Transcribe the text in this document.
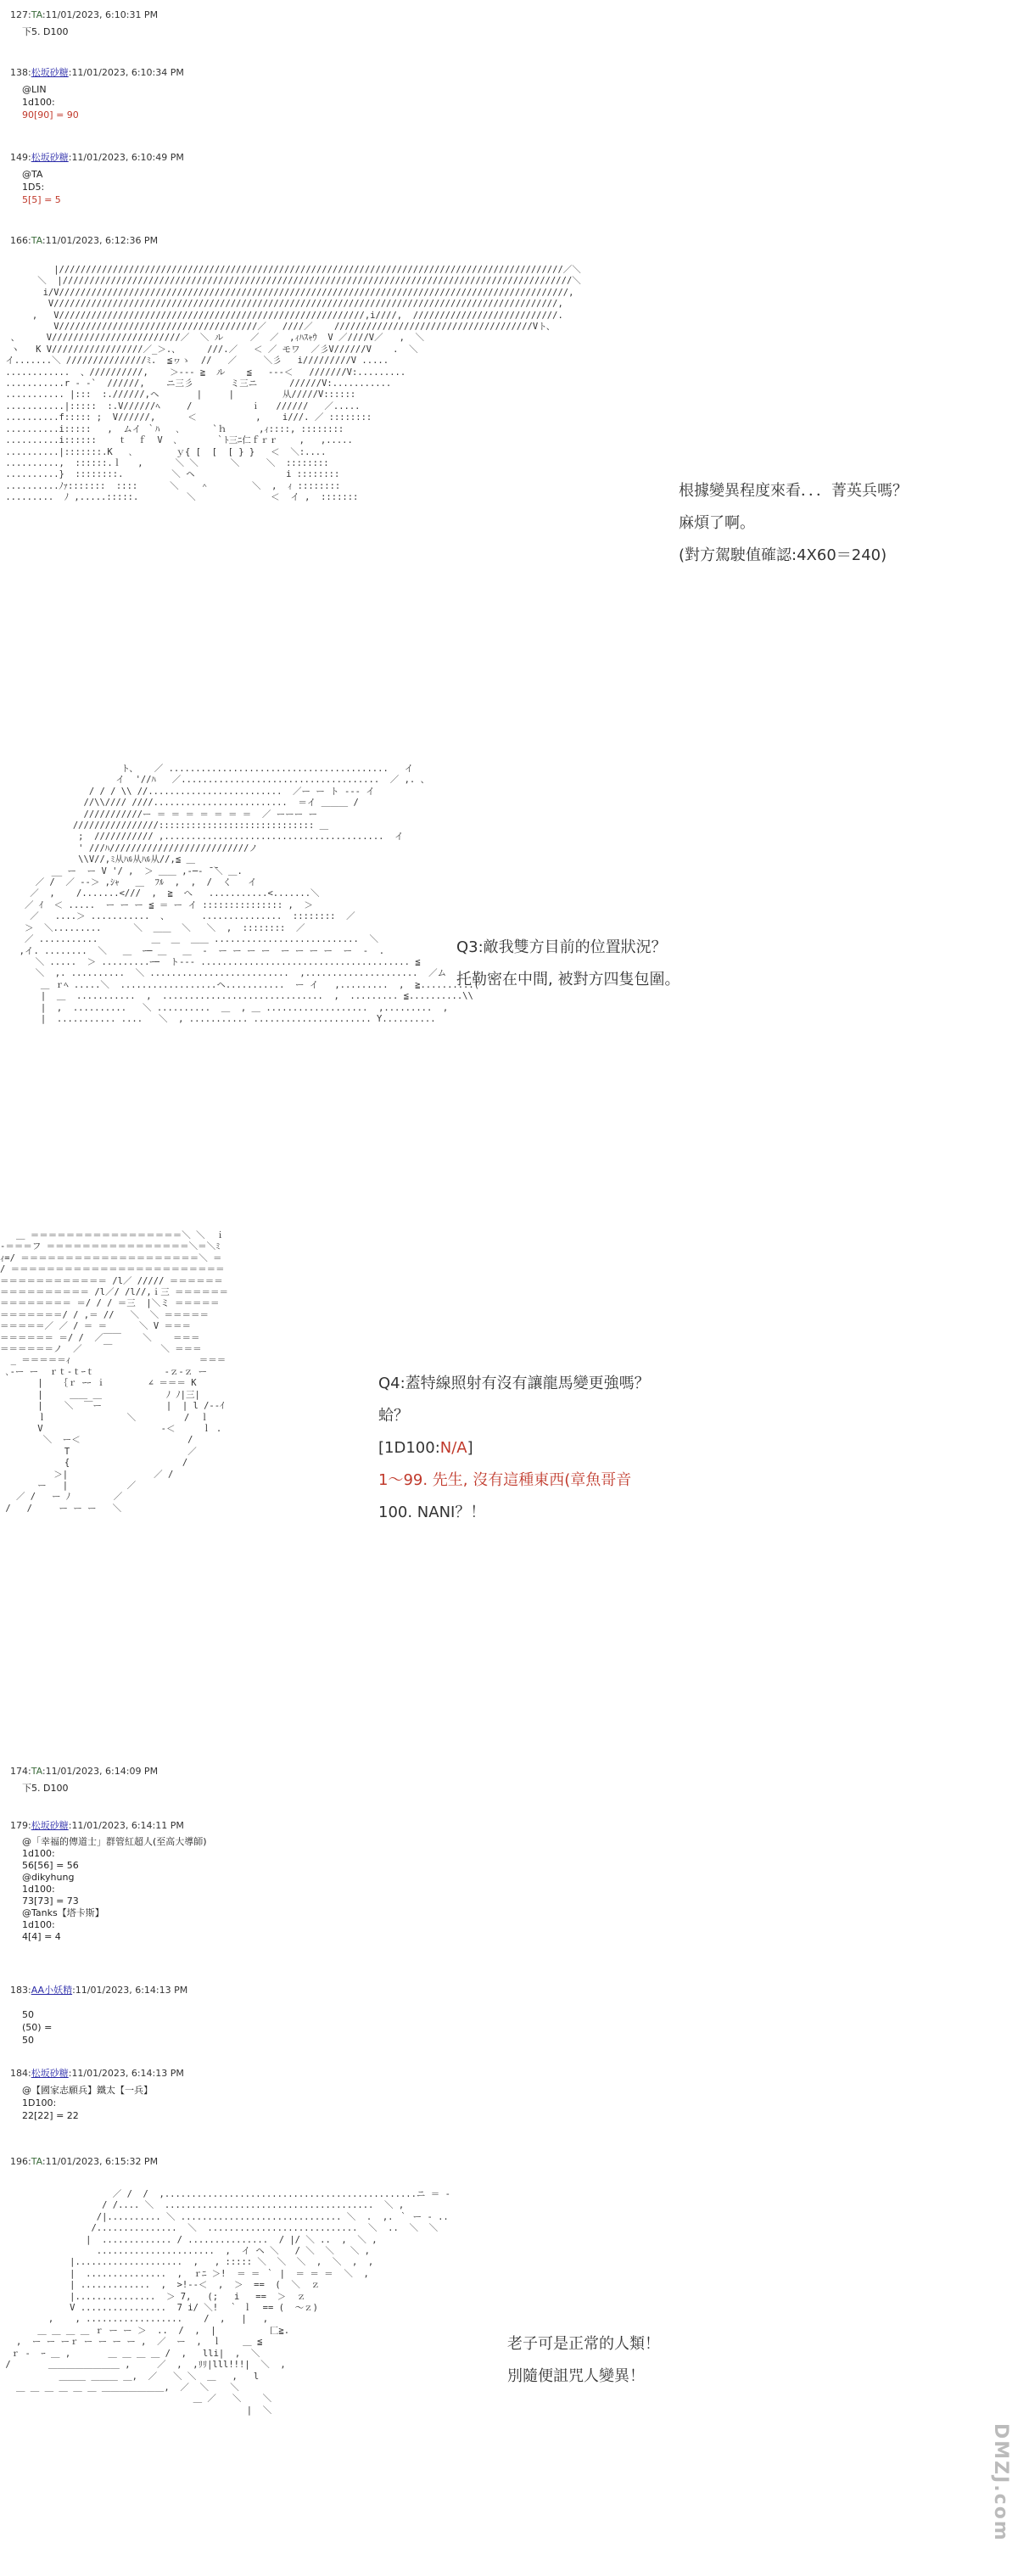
127:TA:11/01/2023, 6:10:31 PM
下5. D100
138:松坂砂糖:11/01/2023, 6:10:34 PM
@LIN
1d100:
90[90] = 90
149:松坂砂糖:11/01/2023, 6:10:49 PM
@TA
1D5:
5[5] = 5
166:TA:11/01/2023, 6:12:36 PM
|//////////////////////////////////////////////////////////////////////////////////////////////／＼
＼  |///////////////////////////////////////////////////////////////////////////////////////////////＼
i/V///////////////////////////////////////////////////////////////////////////////////////////////,
V//////////////////////////////////////////////////////////////////////////////////////////////,
,   V/////////////////////////////////////////////////////////,i////,  ///////////////////////////.
V/////////////////////////////////////／   ////／    /////////////////////////////////////Vト、
、     V////////////////////////／  ＼ ル     ／  ／  ,ｨﾊｽｬｳ  V ／////V／   ,  ＼
ヽ   K V/////////////////／_＞.、     ///.／   ＜ ／ モワ  ／彡V//////V    .  ＼
イ.......＼ ///////////////ﾐ.  ≦ヮゝ  //   ／     ＼彡   i/////////V .....
............  、//////////,    ＞--- ≧  ル    ≦   ---＜   ///////V:.........
...........r - -`  //////,    ニ三彡       ミ三ニ      //////V:...........
........... |:::  :.//////,ヘ       |     |         从/////V::::::
...........|:::::  :.V//////ﾍ     /           ｉ   //////   ／.....
..........f::::: ;  V//////,      ＜           ,    i///. ／ ::::::::
..........i:::::   ,  ムイ ｀ﾊ   ､      `ｈ      ,ｨ::::, ::::::::
..........i::::::    ｔ  ｆ  V  ､       ｀ﾄ三ﾆ仁ｆｒｒ    ,   ,.....
..........|:::::::.K   ､        ｙ{ [  [  [ } }   ＜  ＼:....
..........,  ::::::.ｌ   ,      ＼ ＼      ＼     ＼  ::::::::
..........}  ::::::::.         ＼ ヘ                 i ::::::::
..........ﾉｧ:::::::  ::::      ＼    ＾        ＼  ,  ｨ ::::::::
.........  ﾉ ,.....:::::.         ＼              ＜  イ ,  :::::::	根據變異程度來看．．．菁英兵嗎？
麻煩了啊。
(對方駕駛值確認:4X60＝240)
ト、   ／ .........................................   イ
イ  '//ﾊ   ／.....................................  ／ ,. 、
/ / / \\ //.........................  ／ー ー ト --- イ
//\\//// ////.........................  ＝イ ＿＿＿ /
///////////ー ＝ ＝ ＝ ＝ ＝ ＝ ＝  ／ ーーー ー
////////////////::::::::::::::::::::::::::::: ＿
;  /////////// ,.........................................  イ
' ///ﾊ//////////////////////////ノ
\\V//,ﾐ从ﾊﾙ从ﾊﾙ从//,≦ ＿
__ ー  ー V '/ ,  ＞ ＿＿ ,-─‐ ̄ ̄＼ ＿.
／ /  ／ --＞ ,ｼｬ   ＿  ﾌﾙ  ,  ,  /  く   イ
／  ,    /.......<///  ,  ≧  へ   ...........<.......＼
／ ｲ  ＜ .....  ー ー ー ≦ ＝ ー イ ::::::::::::::: ,  ＞
／   ....＞ ...........  、      ...............  ::::::::  ／
＞  ＼.........      ＼  ＿＿  ＼   ＼  ,  ::::::::  ／
／ ...........          ＿  ＿  ＿＿ ...........................  ＼
,イ. ........  ＼   ＿  ｰ─ ＿   ＿  ‐  ー ー ー ー  ー ー ー ー  ー  -  .
＼ .....  ＞ .........ｰ─  ト--- ....................................... ≦
＼  ,. ..........  ＼ ..........................  ,.....................  ／ム
＿ ｒﾍ .....＼  ..................ヘ...........  ー イ   ,.........  ,  ≧..........(
|  ＿  ...........  ,  ..............................  ,  ......... ≦..........\\
|  ,  ..........   ＼ ..........  ＿  , ＿ ...................  ,.........  ,
|  ........... ....   ＼  , ........... ...................... Y..........
Q3:敵我雙方目前的位置狀況？
托勒密在中間, 被對方四隻包圍。
＿ ＝＝＝＝＝＝＝＝＝＝＝＝＝＝＝＝＝＼ ＼  ｉ
-＝＝＝フ ＝＝＝＝＝＝＝＝＝＝＝＝＝＝＝＝＼＝＼ﾐ
ｨ=/ ＝＝＝＝＝＝＝＝＝＝＝＝＝＝＝＝＝＝＝＝＼ ＝
/ ＝＝＝＝＝＝＝＝＝＝＝＝＝＝＝＝＝＝＝＝＝＝＝＝
＝＝＝＝＝＝＝＝＝＝＝＝ /l／ ///// ＝＝＝＝＝＝
＝＝＝＝＝＝＝＝＝＝ /l／/ /l//,ｉ三 ＝＝＝＝＝＝
＝＝＝＝＝＝＝＝ ＝/ / / ＝三  |＼ミ ＝＝＝＝＝
＝＝＝＝＝＝＝/ / ,＝ //   ＼  ＼ ＝＝＝＝＝
＝＝＝＝＝／ ／ / ＝ ＝      ＼ V ＝＝＝
＝＝＝＝＝＝ ＝/ /  ／￣￣    ＼    ＝＝＝
＝＝＝＝＝＝ノ  ／    ￣         ＼ ＝＝＝
_ ＝＝＝＝＝ｨ                        ＝＝＝
､-ー ー  ｒｔ-ｔｰｔ             -ｚ-ｚ ー
|   ｛ｒ ｰｰ ｉ        ∠ ＝＝＝ K
|     ＿＿ ＿            ﾉ ﾉ|三|
|    ＼  ￣ー            |  | l /--ｲ
ｌ               ＼         /  ｌ
V                      -＜     ｌ .
＼  ー＜                    /
T                      ／
{                     /
＞|                ／ /
ー   |           ／
／ /   ー ﾉ        ／
/   /     ー ー ー   ＼
Q4:蓋特線照射有沒有讓龍馬變更強嗎？
蛤？
[1D100:N/A]
1～99. 先生, 沒有這種東西(章魚哥音
100. NANI？！
174:TA:11/01/2023, 6:14:09 PM
下5. D100
179:松坂砂糖:11/01/2023, 6:14:11 PM
@「幸福的傳道士」群管紅超人(至高大導師)
1d100:
56[56] = 56
@dikyhung
1d100:
73[73] = 73
@Tanks【塔卡斯】
1d100:
4[4] = 4
183:AA小妖精:11/01/2023, 6:14:13 PM
50
(50) =
50
184:松坂砂糖:11/01/2023, 6:14:13 PM
@【國家志願兵】鐵太【一兵】
1D100:
22[22] = 22
196:TA:11/01/2023, 6:15:32 PM
／ /  /  ,...............................................ニ ＝ -
/ /.... ＼  .......................................  ＼ ,
/|.......... ＼ .............................. ＼  .  ,. ｀ ー - ..
/...............  ＼  ............................  ＼  ..  ＼  ＼
|  ............. / ...............  / |/ ＼ ..  ,  ＼ ,
......................  ,  イ ヘ ＼   / ＼  ＼   ＼ ,
|....................  ,   , ::::: ＼  ＼  ＼  ,  ＼  ,  ,
|  ...............  ,  ｒﾆ ＞!  ＝ ＝ ｀ |  ＝ ＝ ＝  ＼  ,
| .............  ,  >!--＜  ,  ＞  ==  (  ＼  ｚ
|...............  ＞ 7,   (;   i   ==  ＞  ｚ
V ................  7 i/ ＼!  ｀ ｌ  == (  ～ｚ)
,    , ..................    /  ,   |   ,
＿ ＿ ＿ ＿ ｒ ー ー ＞  ..  /  ,  |          匚≧.
,  ー ー ーｒ ー ー ー ー ,  ／  ー  ,  ｌ    ＿ ≦
ｒ -  ｰ ＿ ,       ＿ ＿ ＿ ＿ /  ,   lli|  ,  ＼
/       ＿＿＿＿＿＿＿＿ ,     ／  ,  ,ﾘﾘ|lll!!!|  ＼  ,
＿＿＿ ＿＿＿ ＿,  ／   ＼ ＼  ＿   ,   l
＿ ＿ ＿ ＿ ＿ ＿ ＿＿＿＿＿＿＿,  ／  ＼    ＼
＿ ／   ＼    ＼
|  ＼
老子可是正常的人類！
別隨便詛咒人變異！
DMZJ.com
